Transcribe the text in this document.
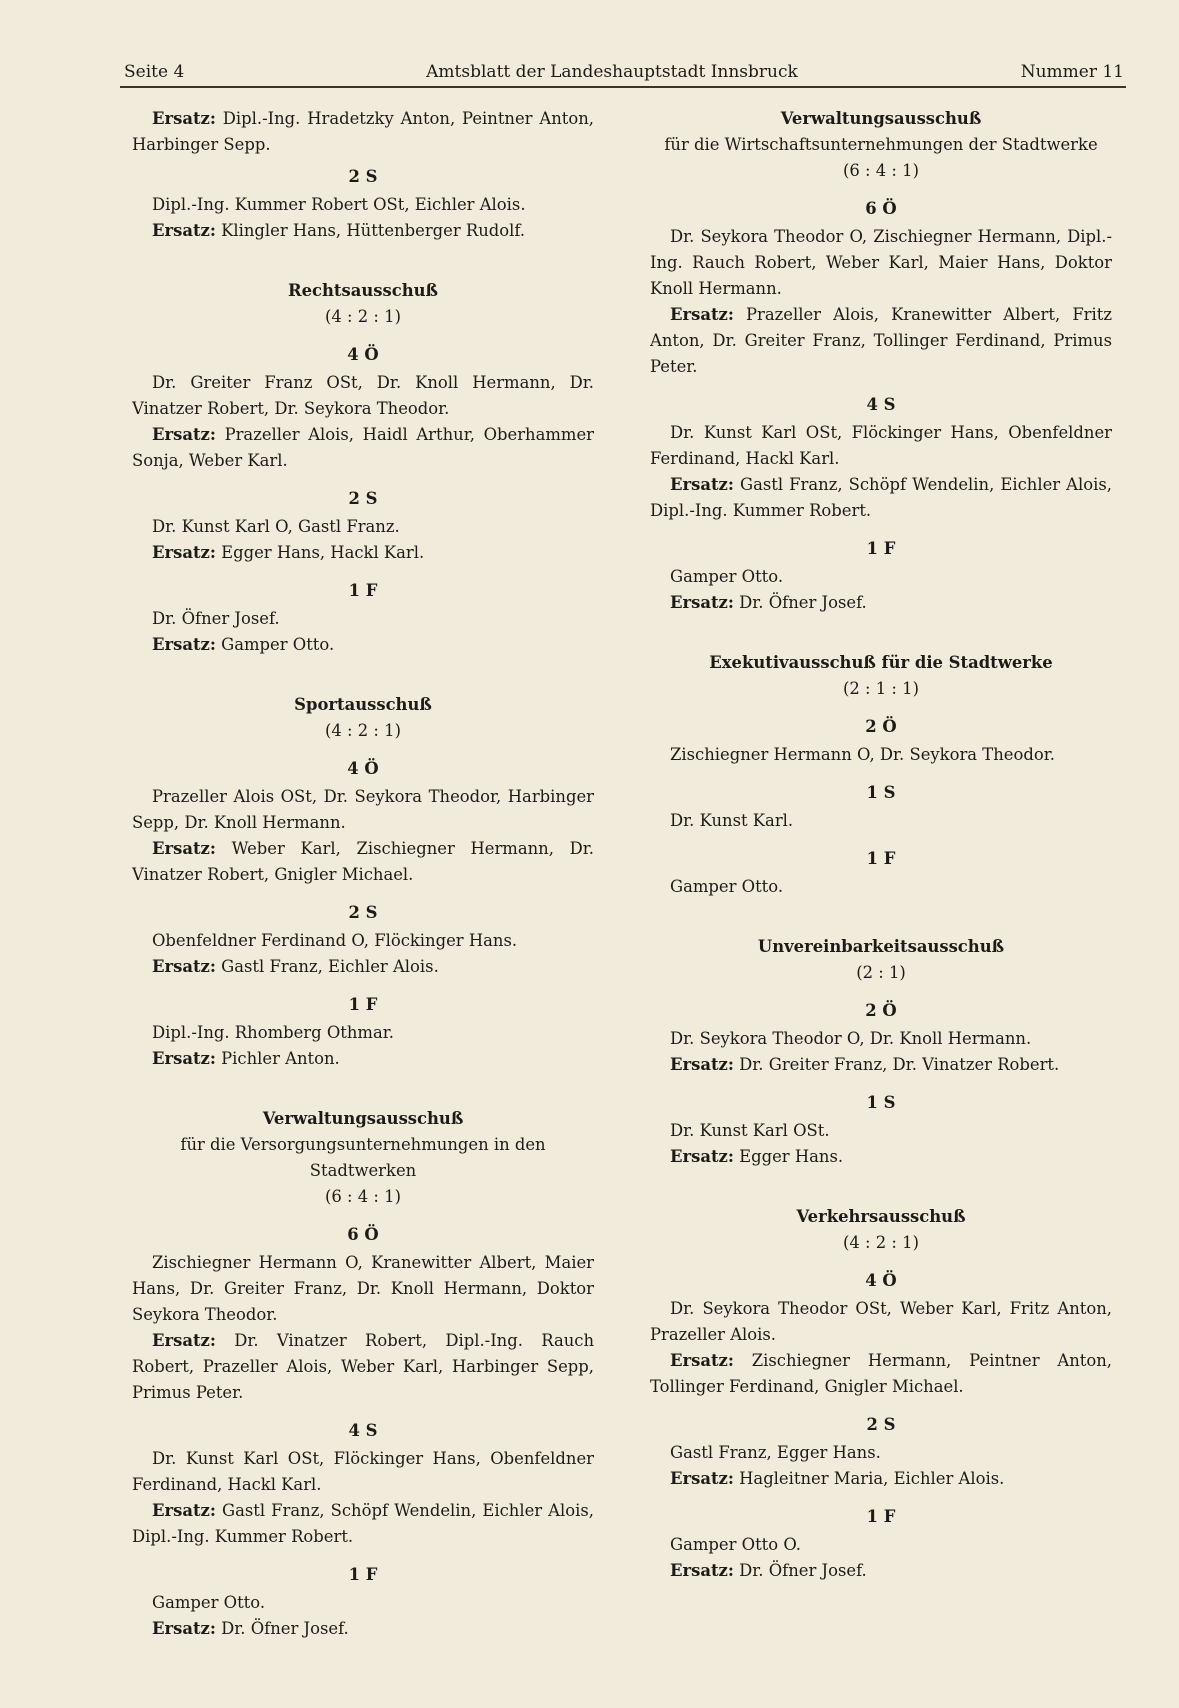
Seite 4	Amtsblatt der Landeshauptstadt Innsbruck	Nummer 11
Ersatz: Dipl.-Ing. Hradetzky Anton, Peintner Anton, Harbinger Sepp.
2 S
Dipl.-Ing. Kummer Robert OSt, Eichler Alois.
Ersatz: Klingler Hans, Hüttenberger Rudolf.
Rechtsausschuß
(4 : 2 : 1)
4 Ö
Dr. Greiter Franz OSt, Dr. Knoll Hermann, Dr. Vinatzer Robert, Dr. Seykora Theodor.
Ersatz: Prazeller Alois, Haidl Arthur, Oberhammer Sonja, Weber Karl.
2 S
Dr. Kunst Karl O, Gastl Franz.
Ersatz: Egger Hans, Hackl Karl.
1 F
Dr. Öfner Josef.
Ersatz: Gamper Otto.
Sportausschuß
(4 : 2 : 1)
4 Ö
Prazeller Alois OSt, Dr. Seykora Theodor, Harbinger Sepp, Dr. Knoll Hermann.
Ersatz: Weber Karl, Zischiegner Hermann, Dr. Vinatzer Robert, Gnigler Michael.
2 S
Obenfeldner Ferdinand O, Flöckinger Hans.
Ersatz: Gastl Franz, Eichler Alois.
1 F
Dipl.-Ing. Rhomberg Othmar.
Ersatz: Pichler Anton.
Verwaltungsausschuß
für die Versorgungsunternehmungen in den Stadtwerken
(6 : 4 : 1)
6 Ö
Zischiegner Hermann O, Kranewitter Albert, Maier Hans, Dr. Greiter Franz, Dr. Knoll Hermann, Doktor Seykora Theodor.
Ersatz: Dr. Vinatzer Robert, Dipl.-Ing. Rauch Robert, Prazeller Alois, Weber Karl, Harbinger Sepp, Primus Peter.
4 S
Dr. Kunst Karl OSt, Flöckinger Hans, Obenfeldner Ferdinand, Hackl Karl.
Ersatz: Gastl Franz, Schöpf Wendelin, Eichler Alois, Dipl.-Ing. Kummer Robert.
1 F
Gamper Otto.
Ersatz: Dr. Öfner Josef.
Verwaltungsausschuß
für die Wirtschaftsunternehmungen der Stadtwerke
(6 : 4 : 1)
6 Ö
Dr. Seykora Theodor O, Zischiegner Hermann, Dipl.-Ing. Rauch Robert, Weber Karl, Maier Hans, Doktor Knoll Hermann.
Ersatz: Prazeller Alois, Kranewitter Albert, Fritz Anton, Dr. Greiter Franz, Tollinger Ferdinand, Primus Peter.
4 S
Dr. Kunst Karl OSt, Flöckinger Hans, Obenfeldner Ferdinand, Hackl Karl.
Ersatz: Gastl Franz, Schöpf Wendelin, Eichler Alois, Dipl.-Ing. Kummer Robert.
1 F
Gamper Otto.
Ersatz: Dr. Öfner Josef.
Exekutivausschuß für die Stadtwerke
(2 : 1 : 1)
2 Ö
Zischiegner Hermann O, Dr. Seykora Theodor.
1 S
Dr. Kunst Karl.
1 F
Gamper Otto.
Unvereinbarkeitsausschuß
(2 : 1)
2 Ö
Dr. Seykora Theodor O, Dr. Knoll Hermann.
Ersatz: Dr. Greiter Franz, Dr. Vinatzer Robert.
1 S
Dr. Kunst Karl OSt.
Ersatz: Egger Hans.
Verkehrsausschuß
(4 : 2 : 1)
4 Ö
Dr. Seykora Theodor OSt, Weber Karl, Fritz Anton, Prazeller Alois.
Ersatz: Zischiegner Hermann, Peintner Anton, Tollinger Ferdinand, Gnigler Michael.
2 S
Gastl Franz, Egger Hans.
Ersatz: Hagleitner Maria, Eichler Alois.
1 F
Gamper Otto O.
Ersatz: Dr. Öfner Josef.
